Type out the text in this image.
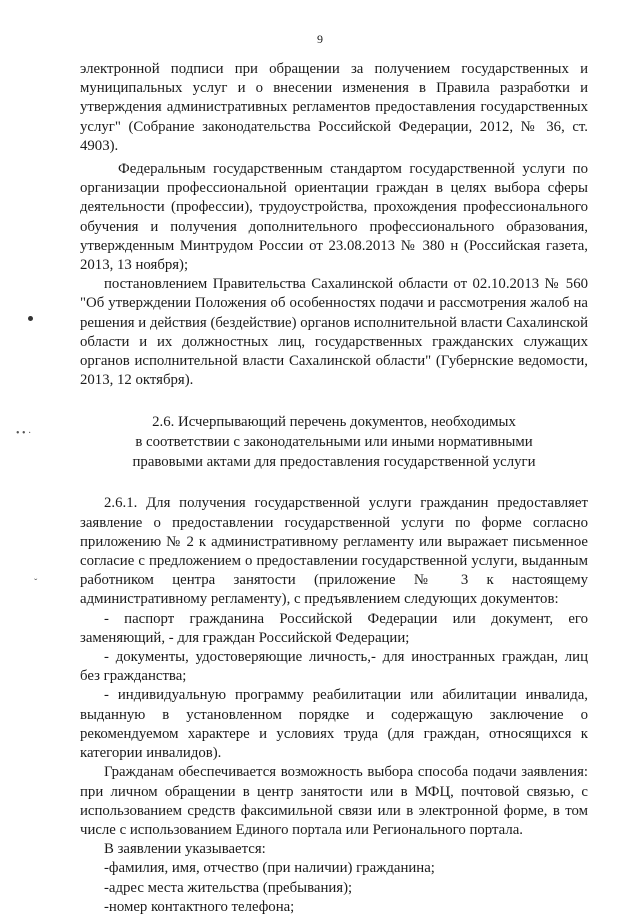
9
• • ·
ˇ

электронной подписи при обращении за получением государственных и муниципальных услуг и о внесении изменения в Правила разработки и утверждения административных регламентов предоставления государственных услуг" (Собрание законодательства Российской Федерации, 2012, № 36, ст. 4903).

Федеральным государственным стандартом государственной услуги по организации профессиональной ориентации граждан в целях выбора сферы деятельности (профессии), трудоустройства, прохождения профессионального обучения и получения дополнительного профессионального образования, утвержденным Минтрудом России от 23.08.2013 № 380 н (Российская газета, 2013, 13 ноября);

постановлением Правительства Сахалинской области от 02.10.2013 № 560 "Об утверждении Положения об особенностях подачи и рассмотрения жалоб на решения и действия (бездействие) органов исполнительной власти Сахалинской области и их должностных лиц, государственных гражданских служащих органов исполнительной власти Сахалинской области" (Губернские ведомости, 2013, 12 октября).

2.6. Исчерпывающий перечень документов, необходимых
в соответствии с законодательными или иными нормативными
правовыми актами для предоставления государственной услуги

2.6.1. Для получения государственной услуги гражданин предоставляет заявление о предоставлении государственной услуги по форме согласно приложению № 2 к административному регламенту или выражает письменное согласие с предложением о предоставлении государственной услуги, выданным работником центра занятости (приложение № 3 к настоящему административному регламенту), с предъявлением следующих документов:

- паспорт гражданина Российской Федерации или документ, его заменяющий, - для граждан Российской Федерации;

- документы, удостоверяющие личность,- для иностранных граждан, лиц без гражданства;

- индивидуальную программу реабилитации или абилитации инвалида, выданную в установленном порядке и содержащую заключение о рекомендуемом характере и условиях труда (для граждан, относящихся к категории инвалидов).

Гражданам обеспечивается возможность выбора способа подачи заявления: при личном обращении в центр занятости или в МФЦ, почтовой связью, с использованием средств факсимильной связи или в электронной форме, в том числе с использованием Единого портала или Регионального портала.

В заявлении указывается:

-фамилия, имя, отчество (при наличии) гражданина;

-адрес места жительства (пребывания);

-номер контактного телефона;
